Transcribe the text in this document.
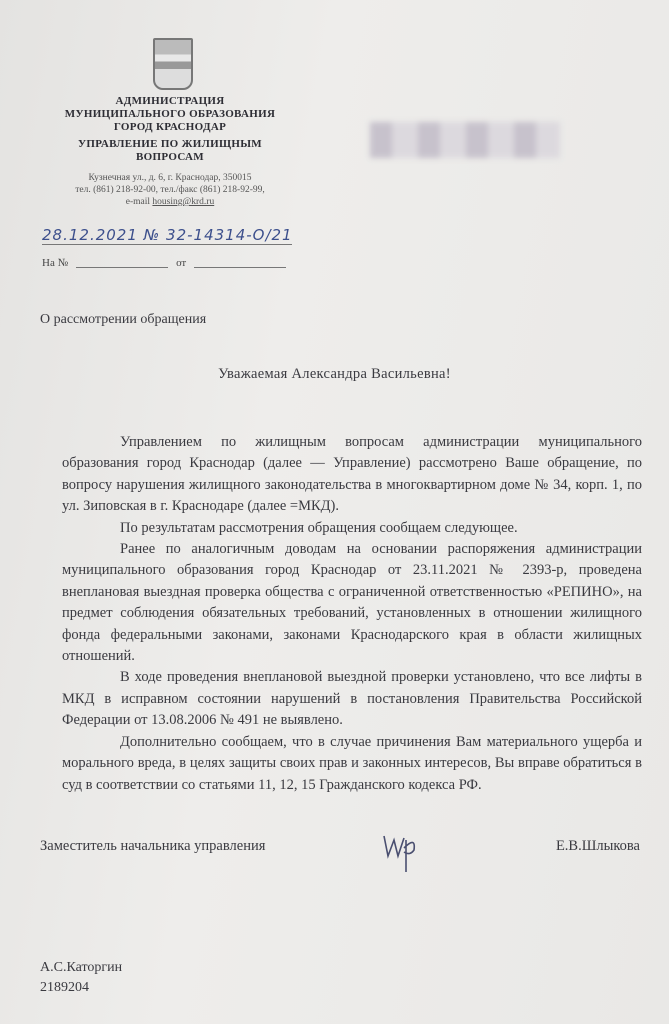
АДМИНИСТРАЦИЯ
МУНИЦИПАЛЬНОГО ОБРАЗОВАНИЯ
ГОРОД КРАСНОДАР
УПРАВЛЕНИЕ ПО ЖИЛИЩНЫМ
ВОПРОСАМ
Кузнечная ул., д. 6, г. Краснодар, 350015
тел. (861) 218-92-00, тел./факс (861) 218-92-99,
e-mail housing@krd.ru
28.12.2021 № 32-14314-О/21
На №	от
О рассмотрении обращения
Уважаемая Александра Васильевна!

Управлением по жилищным вопросам администрации муниципального образования город Краснодар (далее — Управление) рассмотрено Ваше обращение, по вопросу нарушения жилищного законодательства в многоквартирном доме № 34, корп. 1, по ул. Зиповская в г. Краснодаре (далее =МКД).

По результатам рассмотрения обращения сообщаем следующее.

Ранее по аналогичным доводам на основании распоряжения администрации муниципального образования город Краснодар от 23.11.2021 № 2393-р, проведена внеплановая выездная проверка общества с ограниченной ответственностью «РЕПИНО», на предмет соблюдения обязательных требований, установленных в отношении жилищного фонда федеральными законами, законами Краснодарского края в области жилищных отношений.

В ходе проведения внеплановой выездной проверки установлено, что все лифты в МКД в исправном состоянии нарушений в постановления Правительства Российской Федерации от 13.08.2006 № 491 не выявлено.

Дополнительно сообщаем, что в случае причинения Вам материального ущерба и морального вреда, в целях защиты своих прав и законных интересов, Вы вправе обратиться в суд в соответствии со статьями 11, 12, 15 Гражданского кодекса РФ.

Заместитель начальника управления	Е.В.Шлыкова
А.С.Каторгин
2189204
